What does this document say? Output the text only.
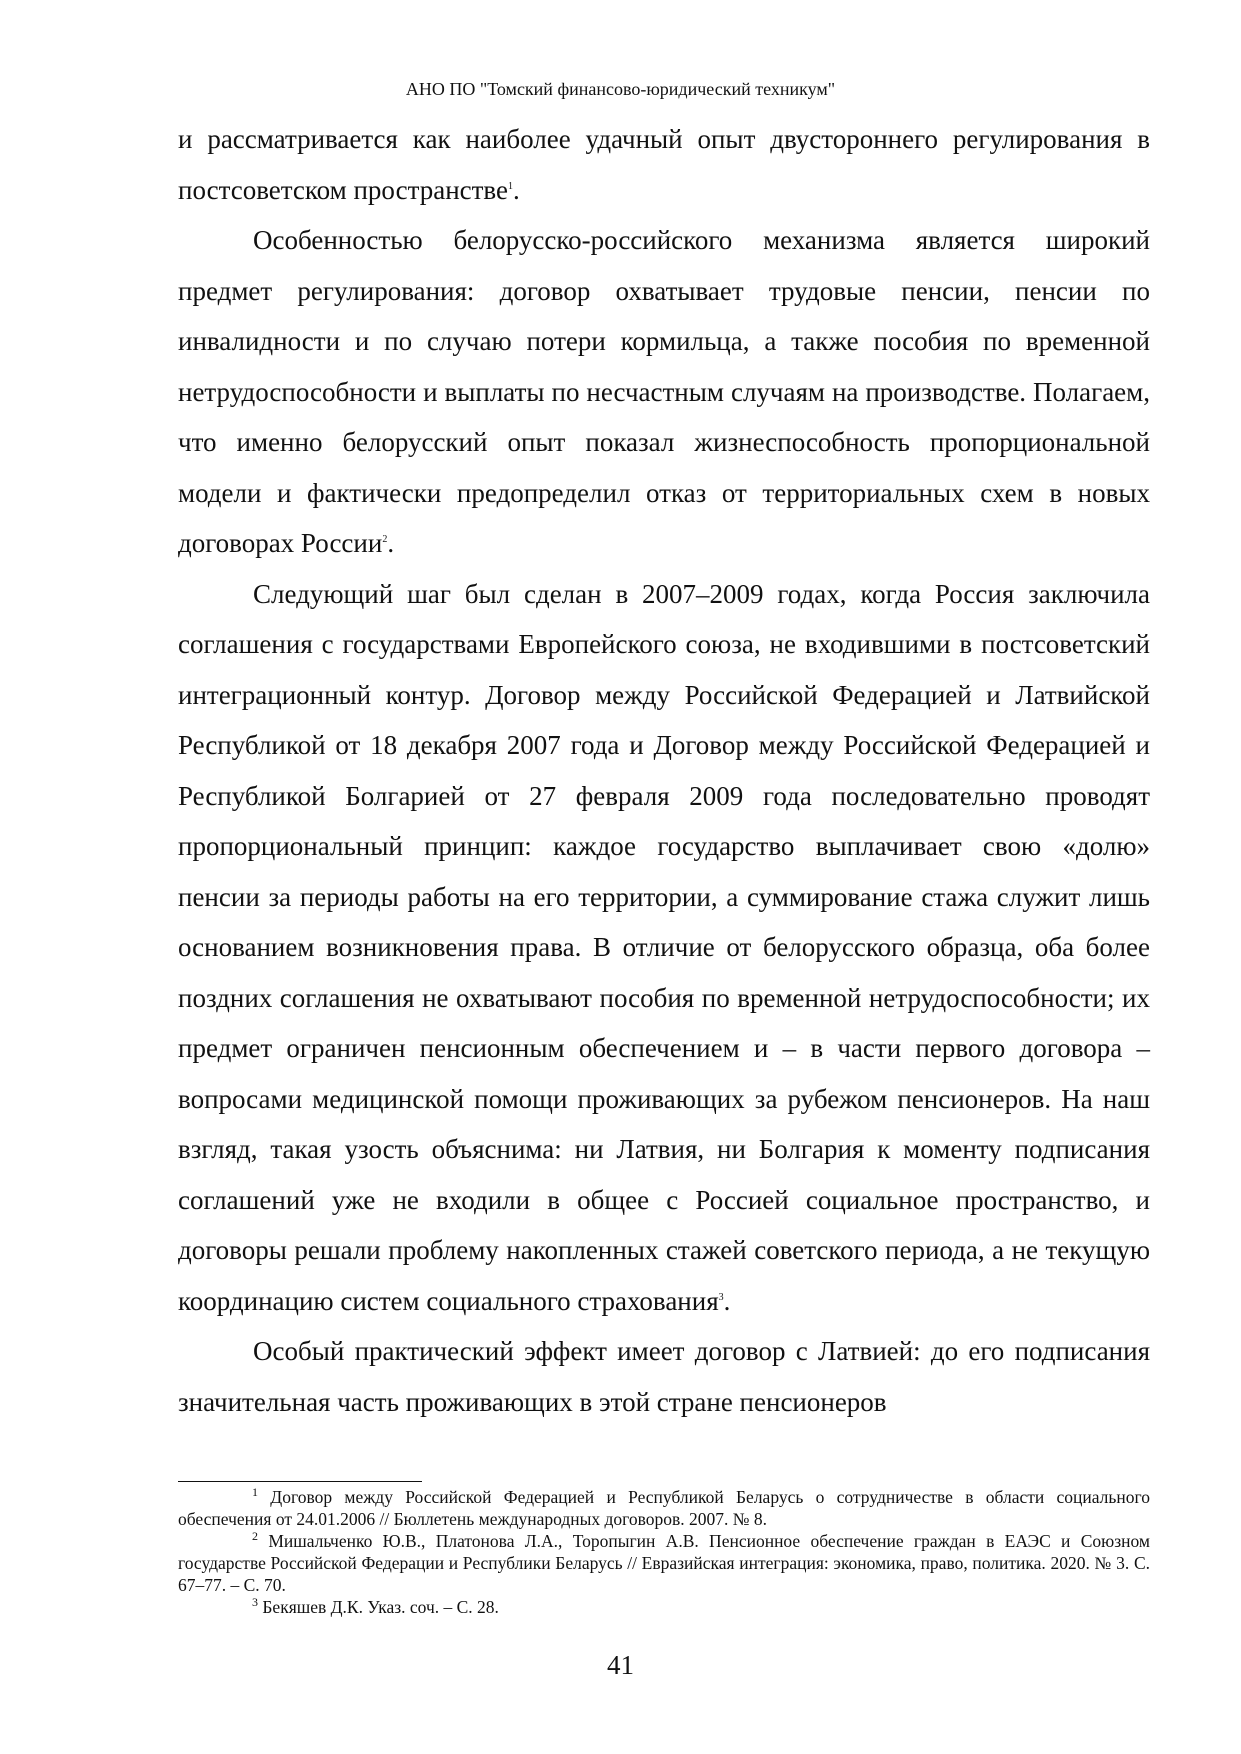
АНО ПО "Томский финансово-юридический техникум"

и рассматривается как наиболее удачный опыт двустороннего регулирования в постсоветском пространстве$^1$.

Особенностью белорусско-российского механизма является широкий предмет регулирования: договор охватывает трудовые пенсии, пенсии по инвалидности и по случаю потери кормильца, а также пособия по временной нетрудоспособности и выплаты по несчастным случаям на производстве. Полагаем, что именно белорусский опыт показал жизнеспособность пропорциональной модели и фактически предопределил отказ от территориальных схем в новых договорах России$^2$.

Следующий шаг был сделан в 2007–2009 годах, когда Россия заключила соглашения с государствами Европейского союза, не входившими в постсоветский интеграционный контур. Договор между Российской Федерацией и Латвийской Республикой от 18 декабря 2007 года и Договор между Российской Федерацией и Республикой Болгарией от 27 февраля 2009 года последовательно проводят пропорциональный принцип: каждое государство выплачивает свою «долю» пенсии за периоды работы на его территории, а суммирование стажа служит лишь основанием возникновения права. В отличие от белорусского образца, оба более поздних соглашения не охватывают пособия по временной нетрудоспособности; их предмет ограничен пенсионным обеспечением и – в части первого договора – вопросами медицинской помощи проживающих за рубежом пенсионеров. На наш взгляд, такая узость объяснима: ни Латвия, ни Болгария к моменту подписания соглашений уже не входили в общее с Россией социальное пространство, и договоры решали проблему накопленных стажей советского периода, а не текущую координацию систем социального страхования$^3$.

Особый практический эффект имеет договор с Латвией: до его подписания значительная часть проживающих в этой стране пенсионеров

$^1$ Договор между Российской Федерацией и Республикой Беларусь о сотрудничестве в области социального обеспечения от 24.01.2006 // Бюллетень международных договоров. 2007. № 8.

$^2$ Мишальченко Ю.В., Платонова Л.А., Торопыгин А.В. Пенсионное обеспечение граждан в ЕАЭС и Союзном государстве Российской Федерации и Республики Беларусь // Евразийская интеграция: экономика, право, политика. 2020. № 3. С. 67–77. – С. 70.

$^3$ Бекяшев Д.К. Указ. соч. – С. 28.

41
